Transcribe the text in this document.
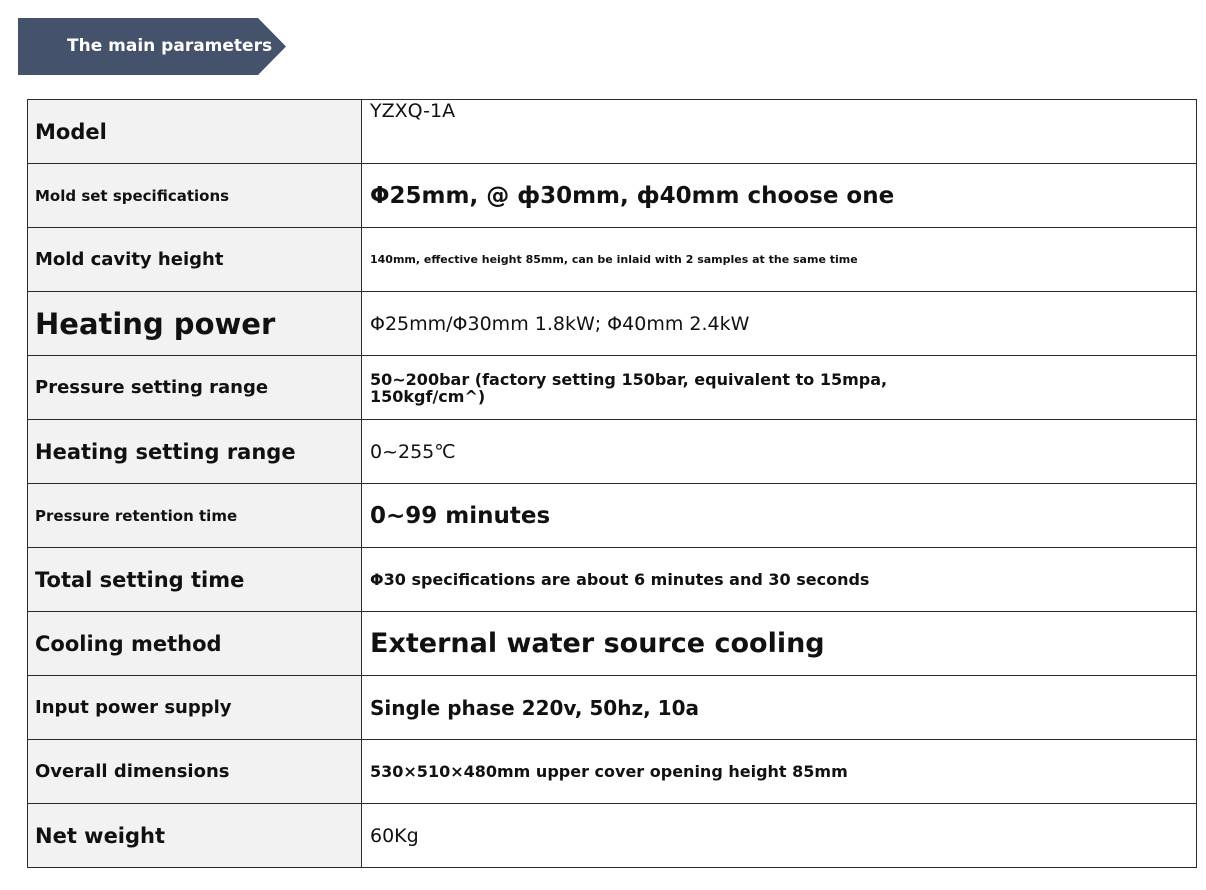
The main parameters
Model	YZXQ-1A
Mold set specifications	Φ25mm, @ ф30mm, ф40mm choose one
Mold cavity height	140mm, effective height 85mm, can be inlaid with 2 samples at the same time
Heating power	Φ25mm/Φ30mm 1.8kW; Φ40mm 2.4kW
Pressure setting range	50~200bar (factory setting 150bar, equivalent to 15mpa,
150kgf/cm^)

Heating setting range	0~255℃
Pressure retention time	0~99 minutes
Total setting time	Φ30 specifications are about 6 minutes and 30 seconds
Cooling method	External water source cooling
Input power supply	Single phase 220v, 50hz, 10a
Overall dimensions	530×510×480mm upper cover opening height 85mm
Net weight	60Kg
